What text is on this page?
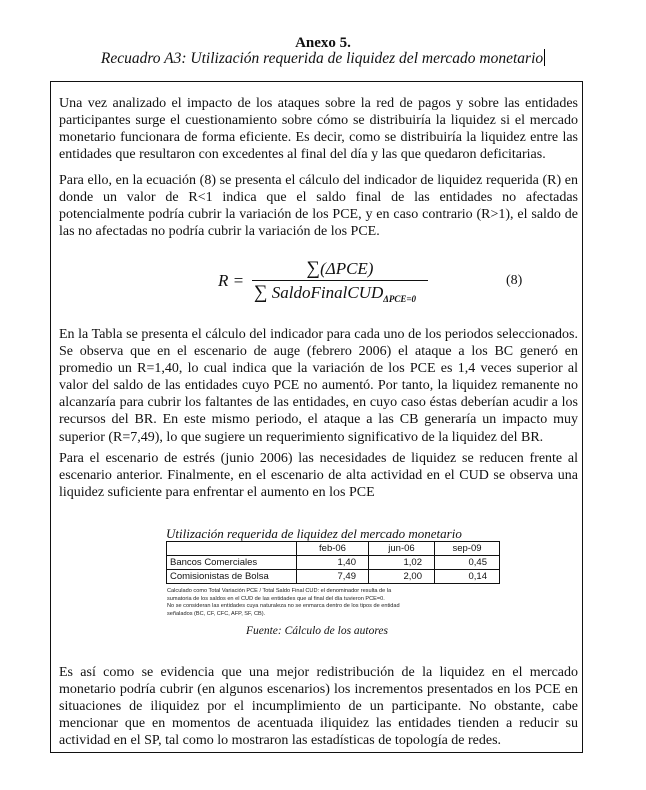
Anexo 5.
Recuadro A3: Utilización requerida de liquidez del mercado monetario

Una vez analizado el impacto de los ataques sobre la red de pagos y sobre las entidades participantes surge el cuestionamiento sobre cómo se distribuiría la liquidez si el mercado monetario funcionara de forma eficiente. Es decir, como se distribuiría la liquidez entre las entidades que resultaron con excedentes al final del día y las que quedaron deficitarias.

Para ello, en la ecuación (8) se presenta el cálculo del indicador de liquidez requerida (R) en donde un valor de R<1 indica que el saldo final de las entidades no afectadas potencialmente podría cubrir la variación de los PCE, y en caso contrario (R>1), el saldo de las no afectadas no podría cubrir la variación de los PCE.

R =
∑(ΔPCE)
∑ SaldoFinalCUD$_{\Delta PCE=0}$
(8)

En la Tabla se presenta el cálculo del indicador para cada uno de los periodos seleccionados. Se observa que en el escenario de auge (febrero 2006) el ataque a los BC generó en promedio un R=1,40, lo cual indica que la variación de los PCE es 1,4 veces superior al valor del saldo de las entidades cuyo PCE no aumentó. Por tanto, la liquidez remanente no alcanzaría para cubrir los faltantes de las entidades, en cuyo caso éstas deberían acudir a los recursos del BR. En este mismo periodo, el ataque a las CB generaría un impacto muy superior (R=7,49), lo que sugiere un requerimiento significativo de la liquidez del BR.

Para el escenario de estrés (junio 2006) las necesidades de liquidez se reducen frente al escenario anterior. Finalmente, en el escenario de alta actividad en el CUD se observa una liquidez suficiente para enfrentar el aumento en los PCE

Utilización requerida de liquidez del mercado monetario
	feb-06	jun-06	sep-09
Bancos Comerciales	1,40	1,02	0,45
Comisionistas de Bolsa	7,49	2,00	0,14
Calculado como Total Variación PCE / Total Saldo Final CUD: el denominador resulta de la
sumatoria de los saldos en el CUD de las entidades que al final del día tuvieron PCE=0.
No se consideran las entidades cuya naturaleza no se enmarca dentro de los tipos de entidad
señalados (BC, CF, CFC, AFP, SF, CB).
Fuente: Cálculo de los autores

Es así como se evidencia que una mejor redistribución de la liquidez en el mercado monetario podría cubrir (en algunos escenarios) los incrementos presentados en los PCE en situaciones de iliquidez por el incumplimiento de un participante. No obstante, cabe mencionar que en momentos de acentuada iliquidez las entidades tienden a reducir su actividad en el SP, tal como lo mostraron las estadísticas de topología de redes.
